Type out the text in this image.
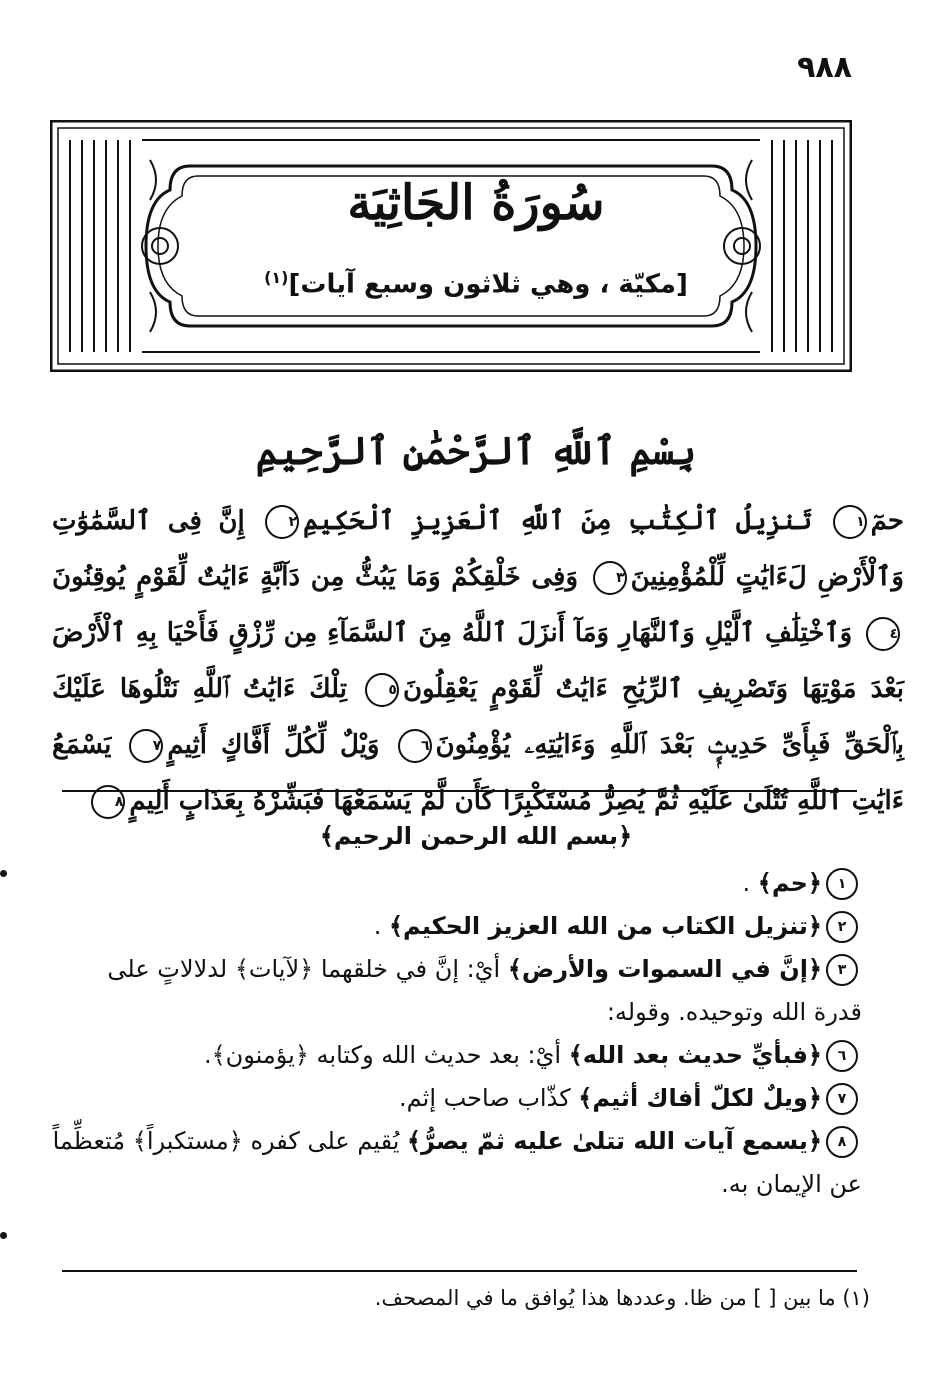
٩٨٨
سُورَةُ الجَاثِيَة
[مكيّة ، وهي ثلاثون وسبع آيات]$^{(١)}$
بِسْمِ ٱللَّهِ ٱلرَّحْمَٰنِ ٱلرَّحِيمِ
حمٓ١ تَنزِيلُ ٱلْكِتَٰبِ مِنَ ٱللَّهِ ٱلْعَزِيزِ ٱلْحَكِيمِ٢ إِنَّ فِى ٱلسَّمَٰوَٰتِ وَٱلْأَرْضِ لَءَايَٰتٍ لِّلْمُؤْمِنِينَ٣ وَفِى خَلْقِكُمْ وَمَا يَبُثُّ مِن دَآبَّةٍ ءَايَٰتٌ لِّقَوْمٍ يُوقِنُونَ٤ وَٱخْتِلَٰفِ ٱلَّيْلِ وَٱلنَّهَارِ وَمَآ أَنزَلَ ٱللَّهُ مِنَ ٱلسَّمَآءِ مِن رِّزْقٍ فَأَحْيَا بِهِ ٱلْأَرْضَ بَعْدَ مَوْتِهَا وَتَصْرِيفِ ٱلرِّيَٰحِ ءَايَٰتٌ لِّقَوْمٍ يَعْقِلُونَ٥ تِلْكَ ءَايَٰتُ ٱللَّهِ نَتْلُوهَا عَلَيْكَ بِٱلْحَقِّ فَبِأَىِّ حَدِيثٍۭ بَعْدَ ٱللَّهِ وَءَايَٰتِهِۦ يُؤْمِنُونَ٦ وَيْلٌ لِّكُلِّ أَفَّاكٍ أَثِيمٍ٧ يَسْمَعُ ءَايَٰتِ ٱللَّهِ تُتْلَىٰ عَلَيْهِ ثُمَّ يُصِرُّ مُسْتَكْبِرًا كَأَن لَّمْ يَسْمَعْهَا فَبَشِّرْهُ بِعَذَابٍ أَلِيمٍ٨
﴿بسم الله الرحمن الرحيم﴾
١﴿حم﴾ .
٢﴿تنزيل الكتاب من الله العزيز الحكيم﴾ .
٣﴿إنَّ في السموات والأرض﴾ أيْ: إنَّ في خلقهما ﴿لآيات﴾ لدلالاتٍ على قدرة الله وتوحيده. وقوله:
٦﴿فبأيِّ حديث بعد الله﴾ أيْ: بعد حديث الله وكتابه ﴿يؤمنون﴾.
٧﴿ويلٌ لكلّ أفاك أثيم﴾ كذّاب صاحب إثم.
٨﴿يسمع آيات الله تتلىٰ عليه ثمّ يصرُّ﴾ يُقيم على كفره ﴿مستكبراً﴾ مُتعظِّماً عن الإيمان به.
(١) ما بين [ ] من ظا. وعددها هذا يُوافق ما في المصحف.
